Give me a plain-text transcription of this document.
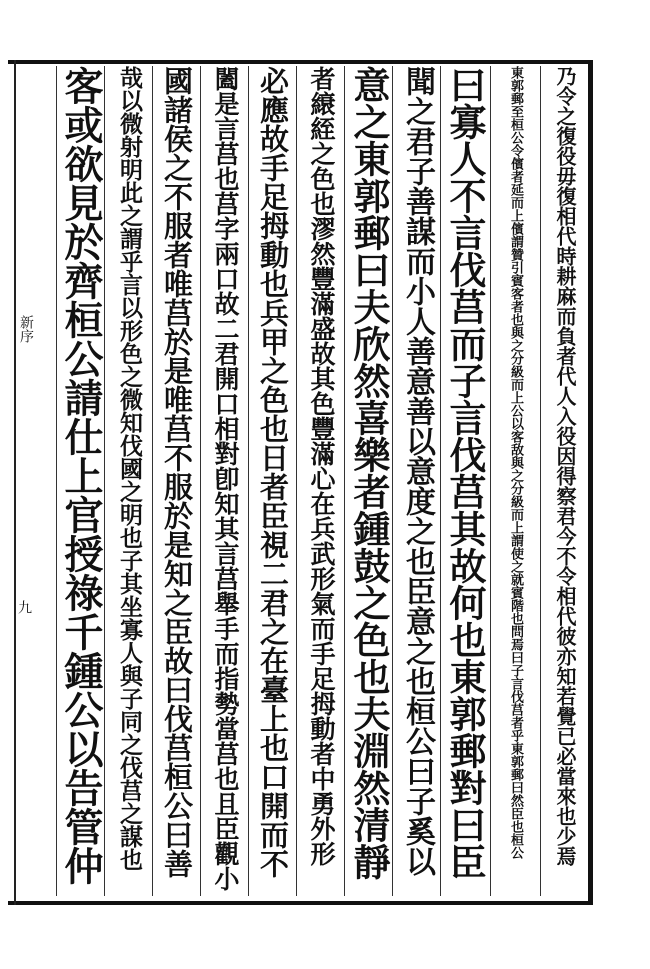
新序
九	乃令之復役毋復相代時耕麻而負者代人入役因得察君今不令相代彼亦知若覺已必當來也少焉
東郭郵至桓公令儐者延而上儐謂贊引賓客者也與之分級而上公以客敌與之分級而上謂使之就賓階也問焉曰子言伐莒者乎東郭郵曰然臣也桓公
曰寡人不言伐莒而子言伐莒其故何也東郭郵對曰臣
聞之君子善謀而小人善意善以意度之也臣意之也桓公曰子奚以
意之東郭郵曰夫欣然喜樂者鍾鼓之色也夫淵然清靜
者縗絰之色也漻然豐滿盛故其色豐滿心在兵武形氣而手足拇動者中勇外形
必應故手足拇動也兵甲之色也日者臣視二君之在臺上也口開而不
闔是言莒也莒字兩口故二君開口相對卽知其言莒舉手而指勢當莒也且臣觀小
國諸侯之不服者唯莒於是唯莒不服於是知之臣故曰伐莒桓公曰善
哉以微射明此之謂乎言以形色之微知伐國之明也子其坐寡人與子同之伐莒之謀也
客或欲見於齊桓公請仕上官授祿千鍾公以告管仲
